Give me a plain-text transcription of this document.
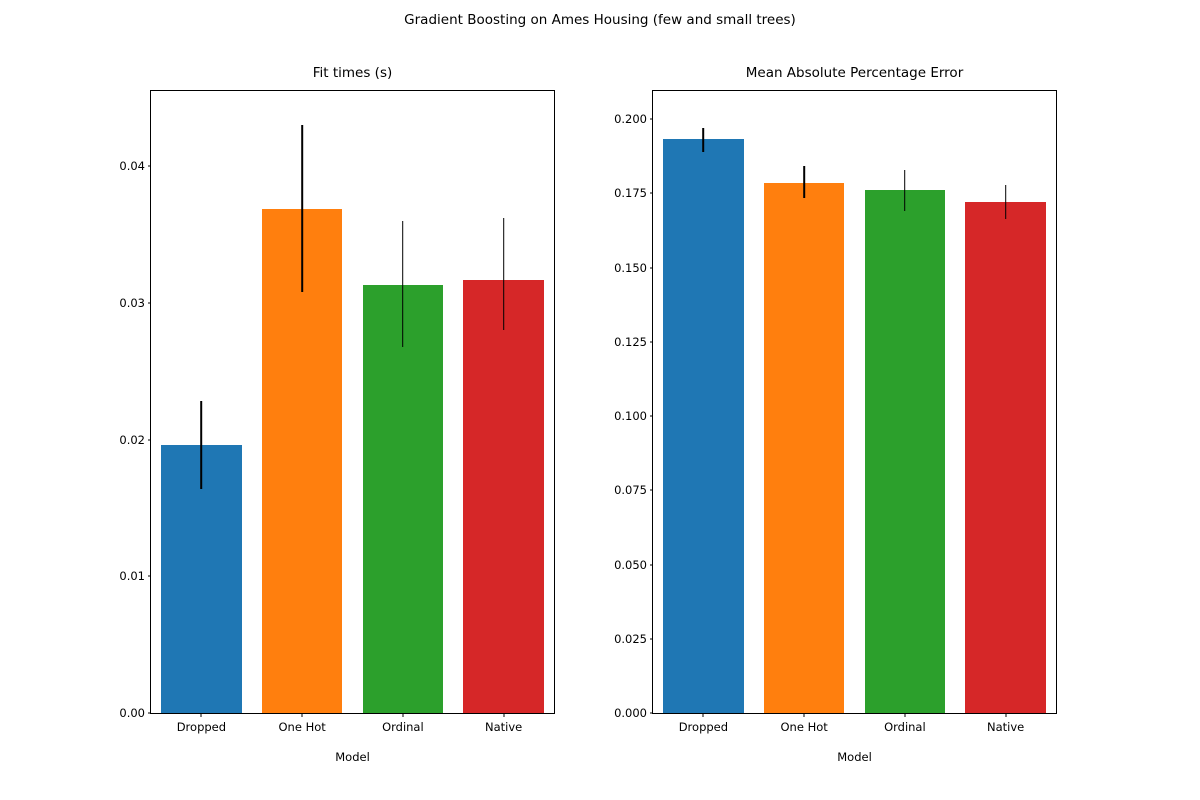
Gradient Boosting on Ames Housing (few and small trees)
Fit times (s)
Model
0.00
0.01
0.02
0.03
0.04
Dropped	One Hot	Ordinal	Native
Mean Absolute Percentage Error
Model
0.000
0.025
0.050
0.075
0.100
0.125
0.150
0.175
0.200
Dropped	One Hot	Ordinal	Native
